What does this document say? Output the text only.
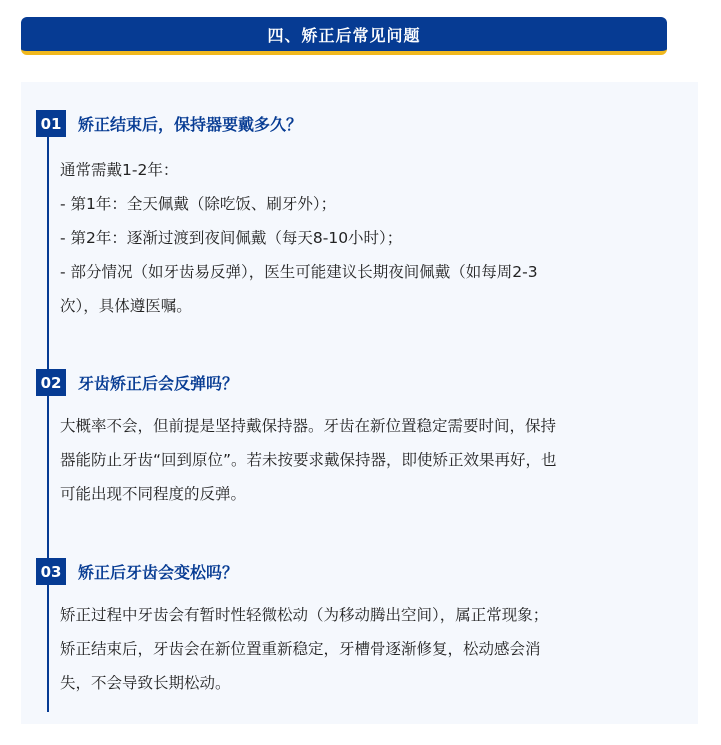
四、矫正后常见问题
01 矫正结束后，保持器要戴多久？

通常需戴1-2年：

- 第1年：全天佩戴（除吃饭、刷牙外）；

- 第2年：逐渐过渡到夜间佩戴（每天8-10小时）；

- 部分情况（如牙齿易反弹），医生可能建议长期夜间佩戴（如每周2-3

次），具体遵医嘱。

02 牙齿矫正后会反弹吗？

大概率不会，但前提是坚持戴保持器。牙齿在新位置稳定需要时间，保持

器能防止牙齿“回到原位”。若未按要求戴保持器，即使矫正效果再好，也

可能出现不同程度的反弹。

03 矫正后牙齿会变松吗？

矫正过程中牙齿会有暂时性轻微松动（为移动腾出空间），属正常现象；

矫正结束后，牙齿会在新位置重新稳定，牙槽骨逐渐修复，松动感会消

失，不会导致长期松动。
